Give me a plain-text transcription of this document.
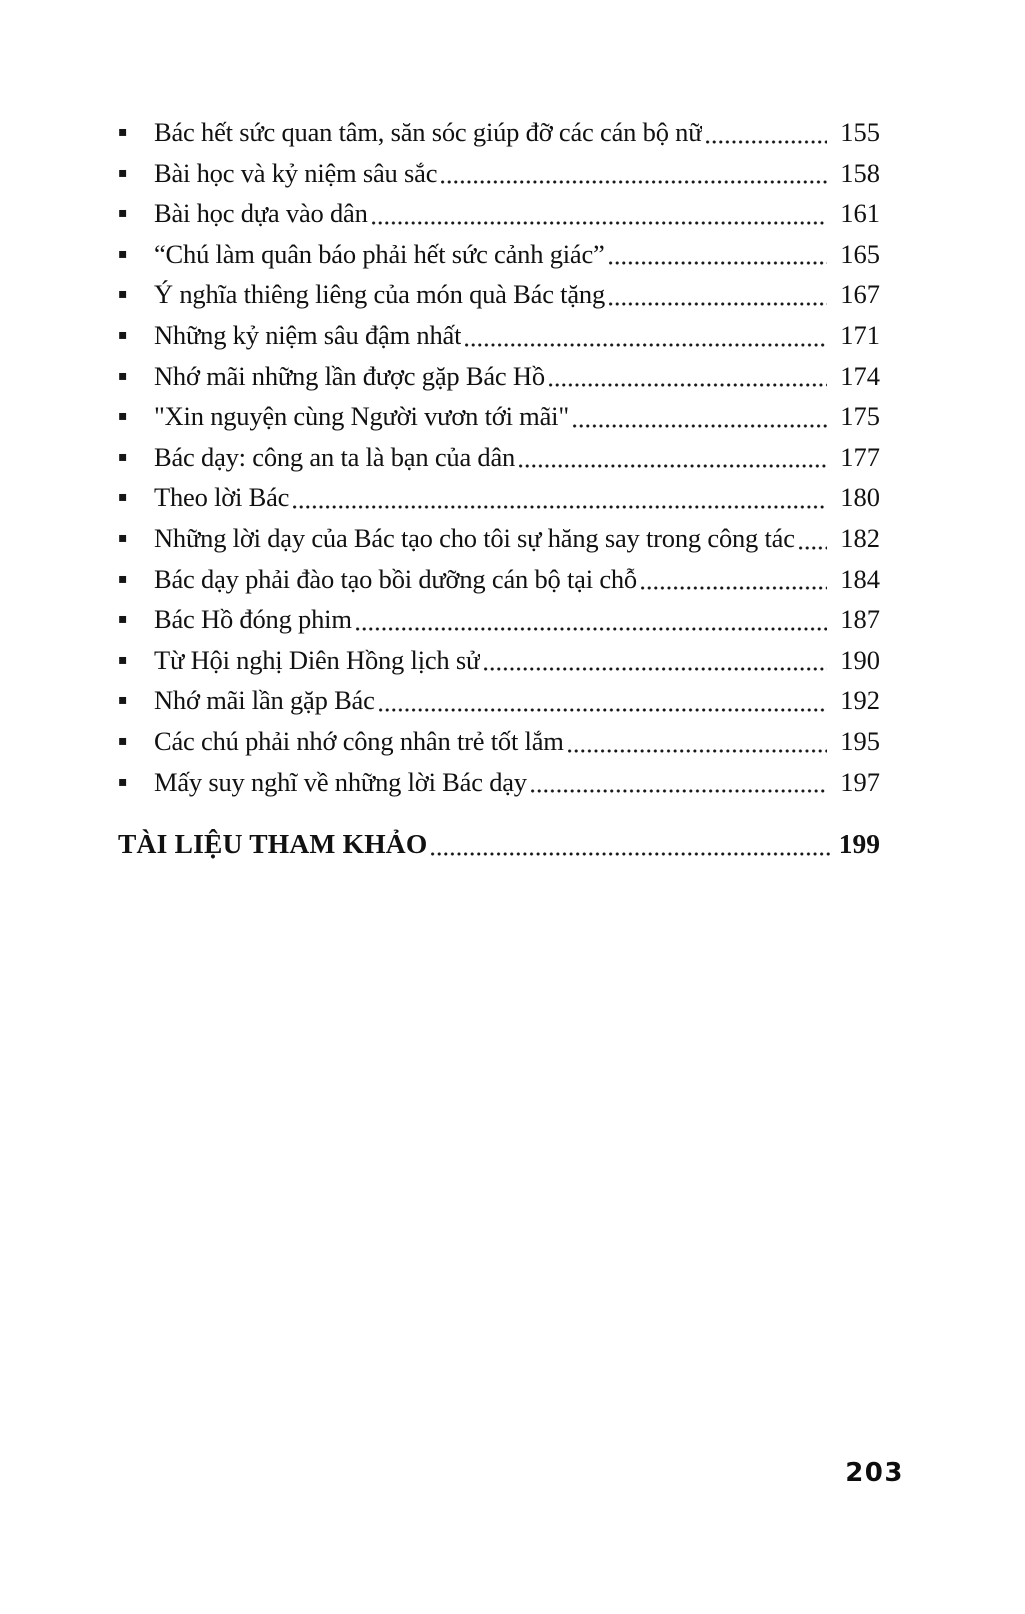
▪	Bác hết sức quan tâm, săn sóc giúp đỡ các cán bộ nữ	155
▪	Bài học và kỷ niệm sâu sắc	158
▪	Bài học dựa vào dân	161
▪	“Chú làm quân báo phải hết sức cảnh giác”	165
▪	Ý nghĩa thiêng liêng của món quà Bác tặng	167
▪	Những kỷ niệm sâu đậm nhất	171
▪	Nhớ mãi những lần được gặp Bác Hồ	174
▪	"Xin nguyện cùng Người vươn tới mãi"	175
▪	Bác dạy: công an ta là bạn của dân	177
▪	Theo lời Bác	180
▪	Những lời dạy của Bác tạo cho tôi sự hăng say trong công tác 182
▪	Bác dạy phải đào tạo bồi dưỡng cán bộ tại chỗ	184
▪	Bác Hồ đóng phim	187
▪	Từ Hội nghị Diên Hồng lịch sử	190
▪	Nhớ mãi lần gặp Bác	192
▪	Các chú phải nhớ công nhân trẻ tốt lắm	195
▪	Mấy suy nghĩ về những lời Bác dạy	197
TÀI LIỆU THAM KHẢO	199
203
